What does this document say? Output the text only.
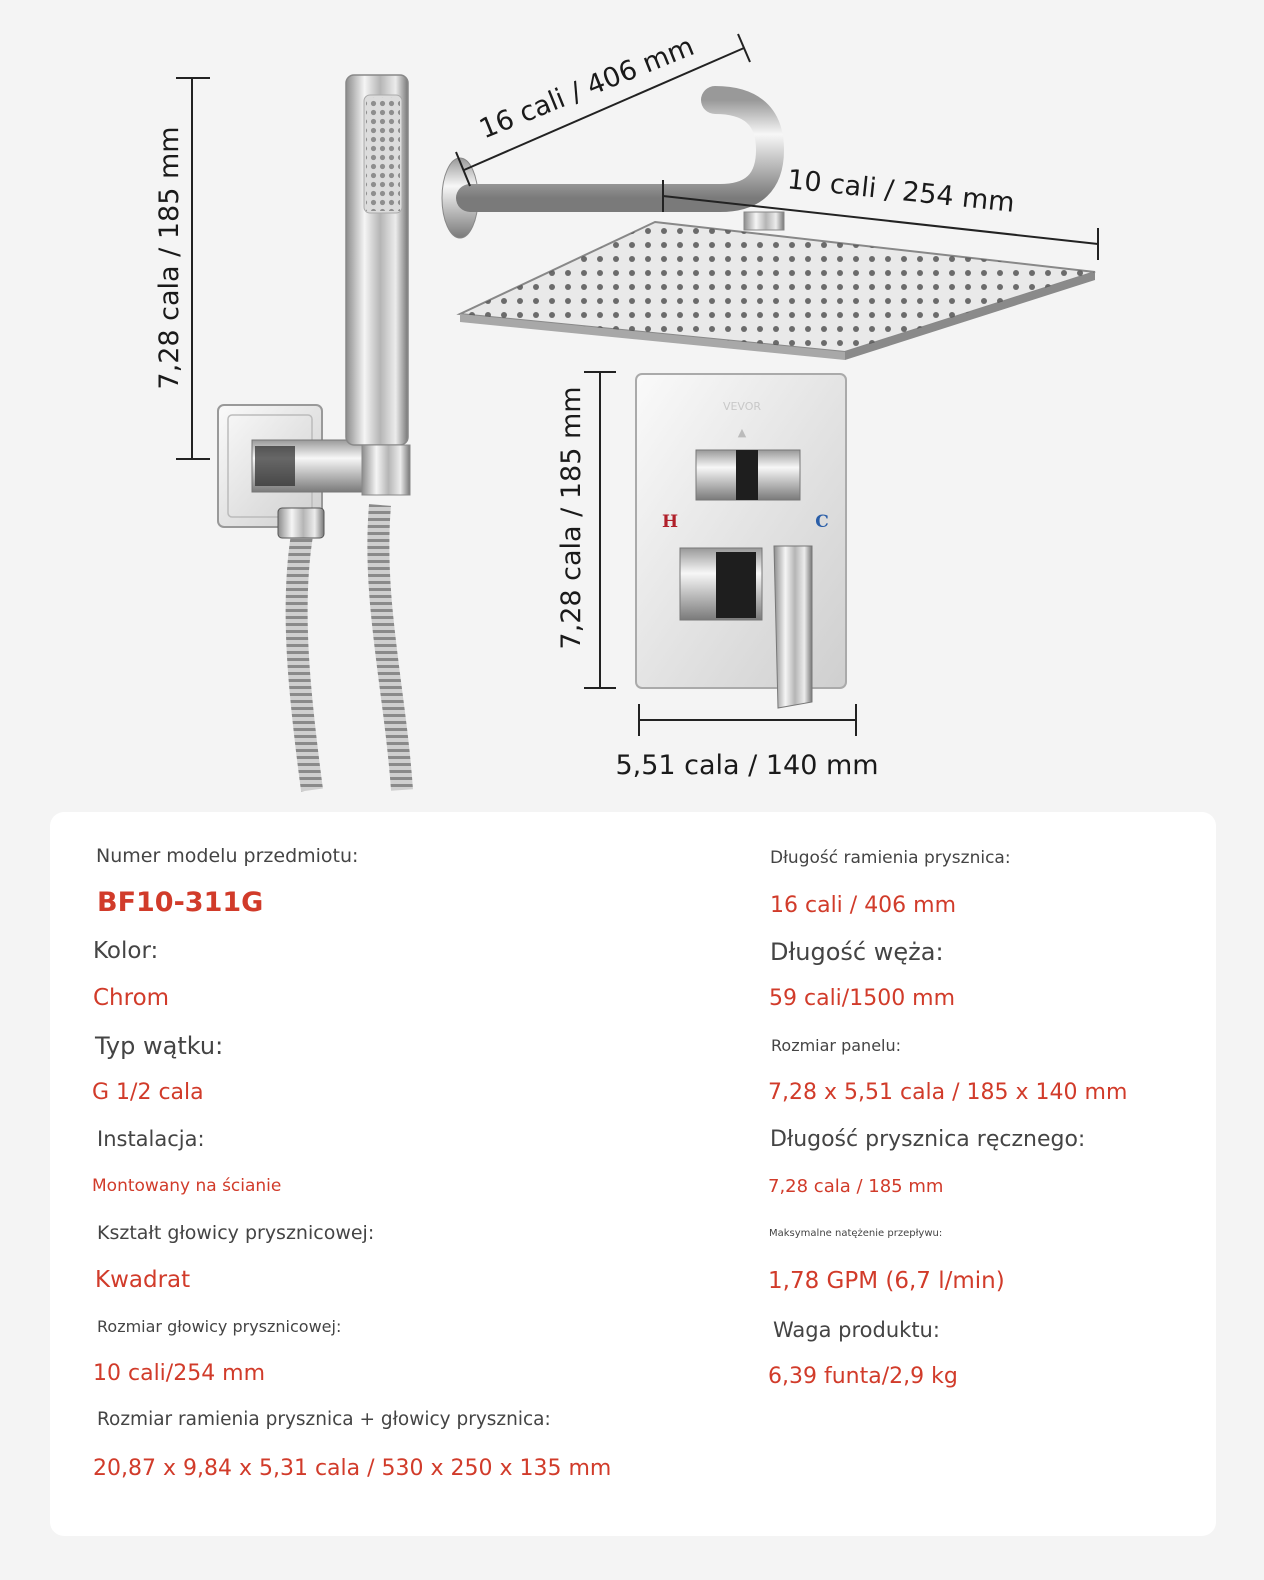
7,28 cala / 185 mm
16 cali / 406 mm
10 cali / 254 mm
7,28 cala / 185 mm	VEVOR
▲
H	C
5,51 cala / 140 mm
Numer modelu przedmiotu:
BF10-311G
Kolor:
Chrom
Typ wątku:
G 1/2 cala
Instalacja:
Montowany na ścianie
Kształt głowicy prysznicowej:
Kwadrat
Rozmiar głowicy prysznicowej:
10 cali/254 mm
Rozmiar ramienia prysznica + głowicy prysznica:
20,87 x 9,84 x 5,31 cala / 530 x 250 x 135 mm
Długość ramienia prysznica:
16 cali / 406 mm
Długość węża:
59 cali/1500 mm
Rozmiar panelu:
7,28 x 5,51 cala / 185 x 140 mm
Długość prysznica ręcznego:
7,28 cala / 185 mm
Maksymalne natężenie przepływu:
1,78 GPM (6,7 l/min)
Waga produktu:
6,39 funta/2,9 kg
